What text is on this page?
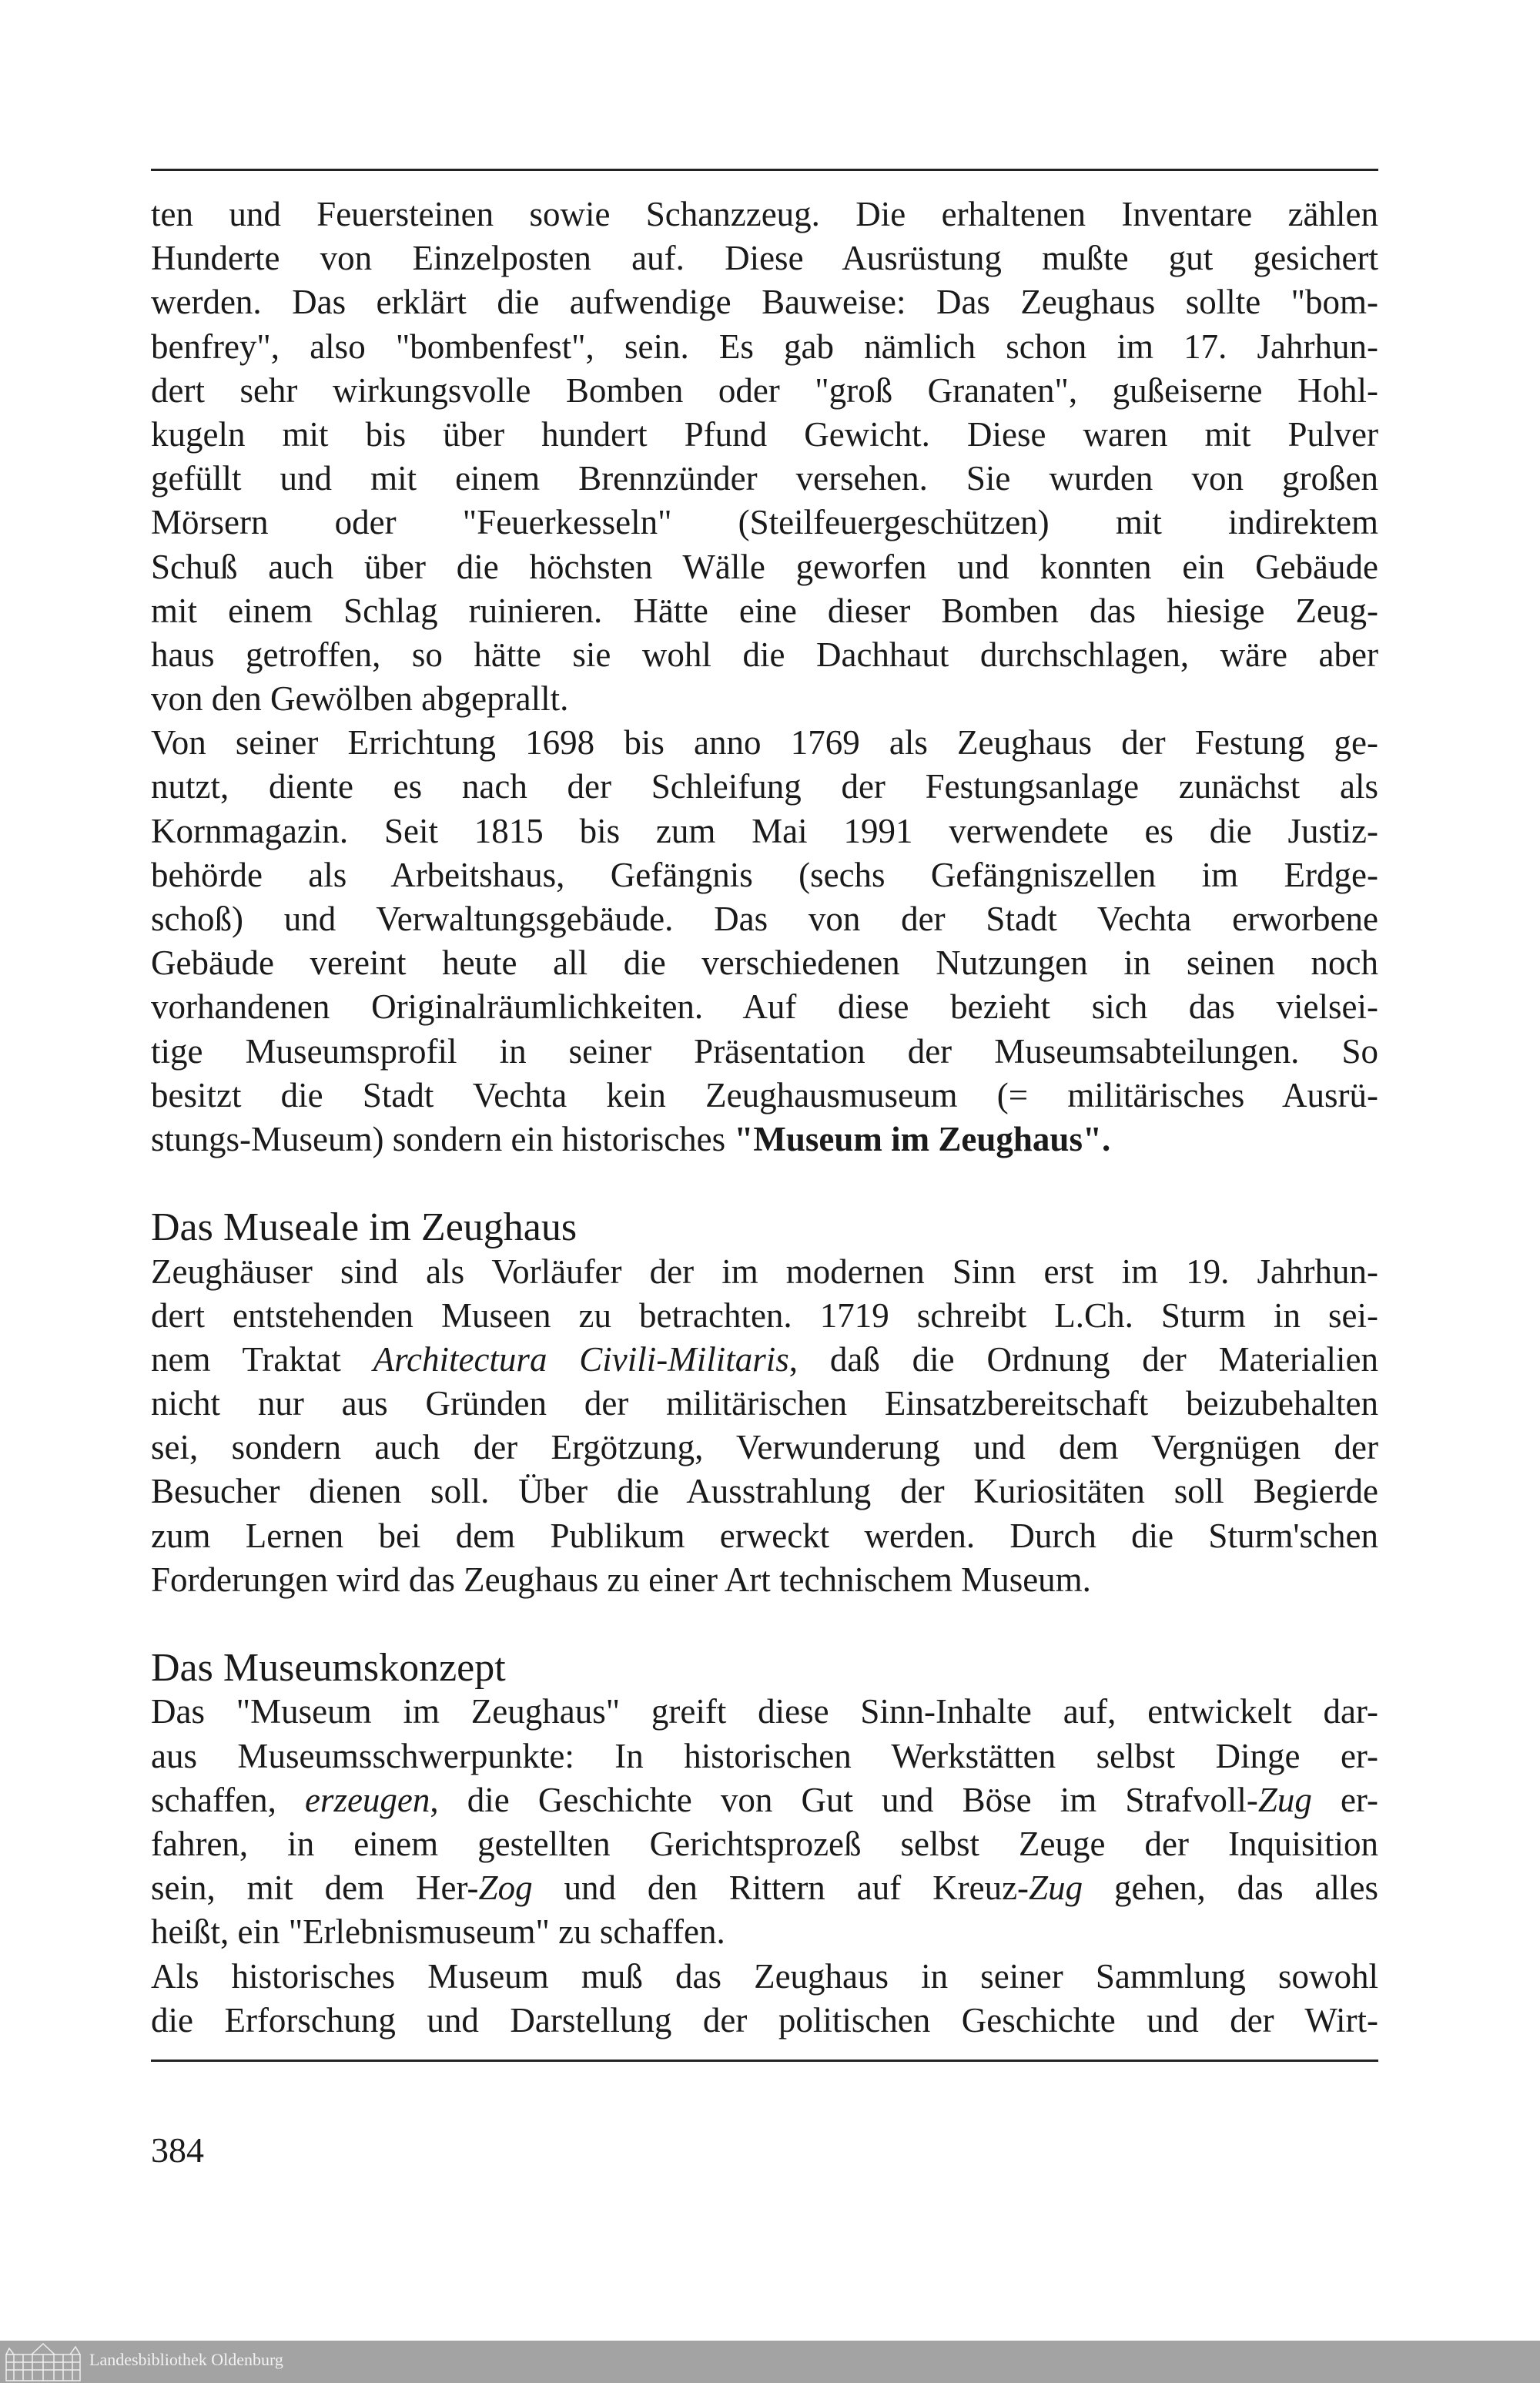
ten und Feuersteinen sowie Schanzzeug. Die erhaltenen Inventare zählen
Hunderte von Einzelposten auf. Diese Ausrüstung mußte gut gesichert
werden. Das erklärt die aufwendige Bauweise: Das Zeughaus sollte "bom-
benfrey", also "bombenfest", sein. Es gab nämlich schon im 17. Jahrhun-
dert sehr wirkungsvolle Bomben oder "groß Granaten", gußeiserne Hohl-
kugeln mit bis über hundert Pfund Gewicht. Diese waren mit Pulver
gefüllt und mit einem Brennzünder versehen. Sie wurden von großen
Mörsern oder "Feuerkesseln" (Steilfeuergeschützen) mit indirektem
Schuß auch über die höchsten Wälle geworfen und konnten ein Gebäude
mit einem Schlag ruinieren. Hätte eine dieser Bomben das hiesige Zeug-
haus getroffen, so hätte sie wohl die Dachhaut durchschlagen, wäre aber
von den Gewölben abgeprallt.
Von seiner Errichtung 1698 bis anno 1769 als Zeughaus der Festung ge-
nutzt, diente es nach der Schleifung der Festungsanlage zunächst als
Kornmagazin. Seit 1815 bis zum Mai 1991 verwendete es die Justiz-
behörde als Arbeitshaus, Gefängnis (sechs Gefängniszellen im Erdge-
schoß) und Verwaltungsgebäude. Das von der Stadt Vechta erworbene
Gebäude vereint heute all die verschiedenen Nutzungen in seinen noch
vorhandenen Originalräumlichkeiten. Auf diese bezieht sich das vielsei-
tige Museumsprofil in seiner Präsentation der Museumsabteilungen. So
besitzt die Stadt Vechta kein Zeughausmuseum (= militärisches Ausrü-
stungs-Museum) sondern ein historisches "Museum im Zeughaus".
Das Museale im Zeughaus
Zeughäuser sind als Vorläufer der im modernen Sinn erst im 19. Jahrhun-
dert entstehenden Museen zu betrachten. 1719 schreibt L.Ch. Sturm in sei-
nem Traktat Architectura Civili-Militaris, daß die Ordnung der Materialien
nicht nur aus Gründen der militärischen Einsatzbereitschaft beizubehalten
sei, sondern auch der Ergötzung, Verwunderung und dem Vergnügen der
Besucher dienen soll. Über die Ausstrahlung der Kuriositäten soll Begierde
zum Lernen bei dem Publikum erweckt werden. Durch die Sturm'schen
Forderungen wird das Zeughaus zu einer Art technischem Museum.
Das Museumskonzept
Das "Museum im Zeughaus" greift diese Sinn-Inhalte auf, entwickelt dar-
aus Museumsschwerpunkte: In historischen Werkstätten selbst Dinge er-
schaffen, erzeugen, die Geschichte von Gut und Böse im Strafvoll-Zug er-
fahren, in einem gestellten Gerichtsprozeß selbst Zeuge der Inquisition
sein, mit dem Her-Zog und den Rittern auf Kreuz-Zug gehen, das alles
heißt, ein "Erlebnismuseum" zu schaffen.
Als historisches Museum muß das Zeughaus in seiner Sammlung sowohl
die Erforschung und Darstellung der politischen Geschichte und der Wirt-
384
Landesbibliothek Oldenburg
